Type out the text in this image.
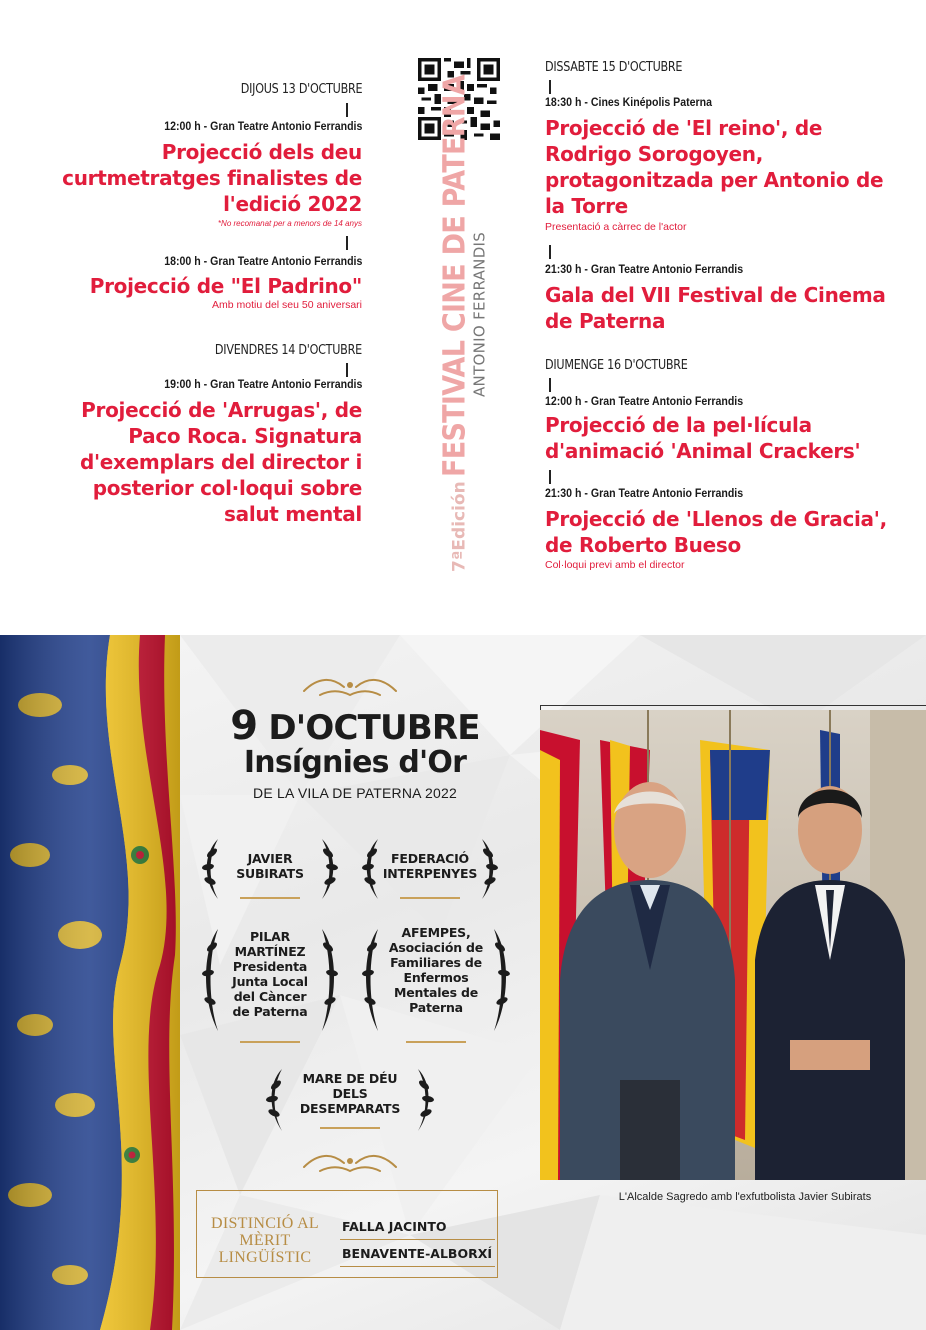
DIJOUS 13 D'OCTUBRE
12:00 h - Gran Teatre Antonio Ferrandis
Projecció dels deu curtmetratges finalistes de l'edició 2022
*No recomanat per a menors de 14 anys
18:00 h - Gran Teatre Antonio Ferrandis
Projecció de "El Padrino"
Amb motiu del seu 50 aniversari
DIVENDRES 14 D'OCTUBRE
19:00 h - Gran Teatre Antonio Ferrandis
Projecció de 'Arrugas', de Paco Roca. Signatura d'exemplars del director i posterior col·loqui sobre salut mental	7ªEdición FESTIVAL CINE DE PATERNA
ANTONIO FERRANDIS
DISSABTE 15 D'OCTUBRE
18:30 h - Cines Kinépolis Paterna
Projecció de 'El reino', de Rodrigo Sorogoyen, protagonitzada per Antonio de la Torre
Presentació a càrrec de l'actor
21:30 h - Gran Teatre Antonio Ferrandis
Gala del VII Festival de Cinema de Paterna
DIUMENGE 16 D'OCTUBRE
12:00 h - Gran Teatre Antonio Ferrandis
Projecció de la pel·lícula d'animació 'Animal Crackers'
21:30 h - Gran Teatre Antonio Ferrandis
Projecció de 'Llenos de Gracia', de Roberto Bueso
Col·loqui previ amb el director
9 D'OCTUBRE
Insígnies d'Or
DE LA VILA DE PATERNA 2022
JAVIER SUBIRATS
FEDERACIÓ INTERPENYES
PILAR MARTÍNEZ Presidenta Junta Local del Càncer de Paterna
AFEMPES, Asociación de Familiares de Enfermos Mentales de Paterna
MARE DE DÉU DELS DESEMPARATS
L'Alcalde Sagredo amb l'exfutbolista Javier Subirats
DISTINCIÓ AL MÈRIT LINGÜÍSTIC
FALLA JACINTO
BENAVENTE-ALBORXÍ
